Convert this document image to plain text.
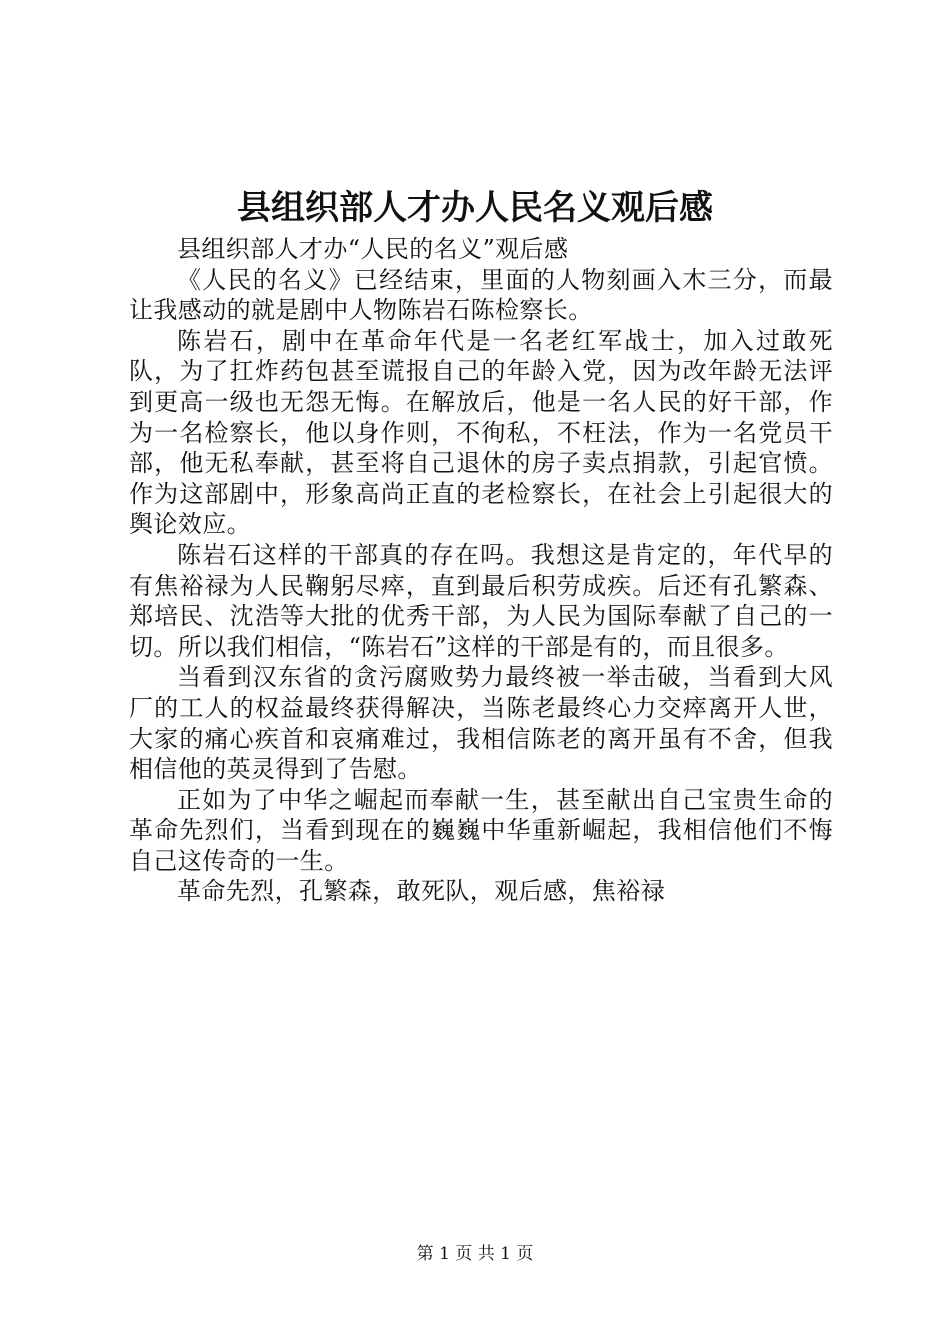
县组织部人才办人民名义观后感

县组织部人才办“人民的名义”观后感

《人民的名义》已经结束，里面的人物刻画入木三分，而最让我感动的就是剧中人物陈岩石陈检察长。

陈岩石，剧中在革命年代是一名老红军战士，加入过敢死队，为了扛炸药包甚至谎报自己的年龄入党，因为改年龄无法评到更高一级也无怨无悔。在解放后，他是一名人民的好干部，作为一名检察长，他以身作则，不徇私，不枉法，作为一名党员干部，他无私奉献，甚至将自己退休的房子卖点捐款，引起官愤。作为这部剧中，形象高尚正直的老检察长，在社会上引起很大的舆论效应。

陈岩石这样的干部真的存在吗。我想这是肯定的，年代早的有焦裕禄为人民鞠躬尽瘁，直到最后积劳成疾。后还有孔繁森、郑培民、沈浩等大批的优秀干部，为人民为国际奉献了自己的一切。所以我们相信，“陈岩石”这样的干部是有的，而且很多。

当看到汉东省的贪污腐败势力最终被一举击破，当看到大风厂的工人的权益最终获得解决，当陈老最终心力交瘁离开人世，大家的痛心疾首和哀痛难过，我相信陈老的离开虽有不舍，但我相信他的英灵得到了告慰。

正如为了中华之崛起而奉献一生，甚至献出自己宝贵生命的革命先烈们，当看到现在的巍巍中华重新崛起，我相信他们不悔自己这传奇的一生。

革命先烈，孔繁森，敢死队，观后感，焦裕禄

第 1 页 共 1 页
